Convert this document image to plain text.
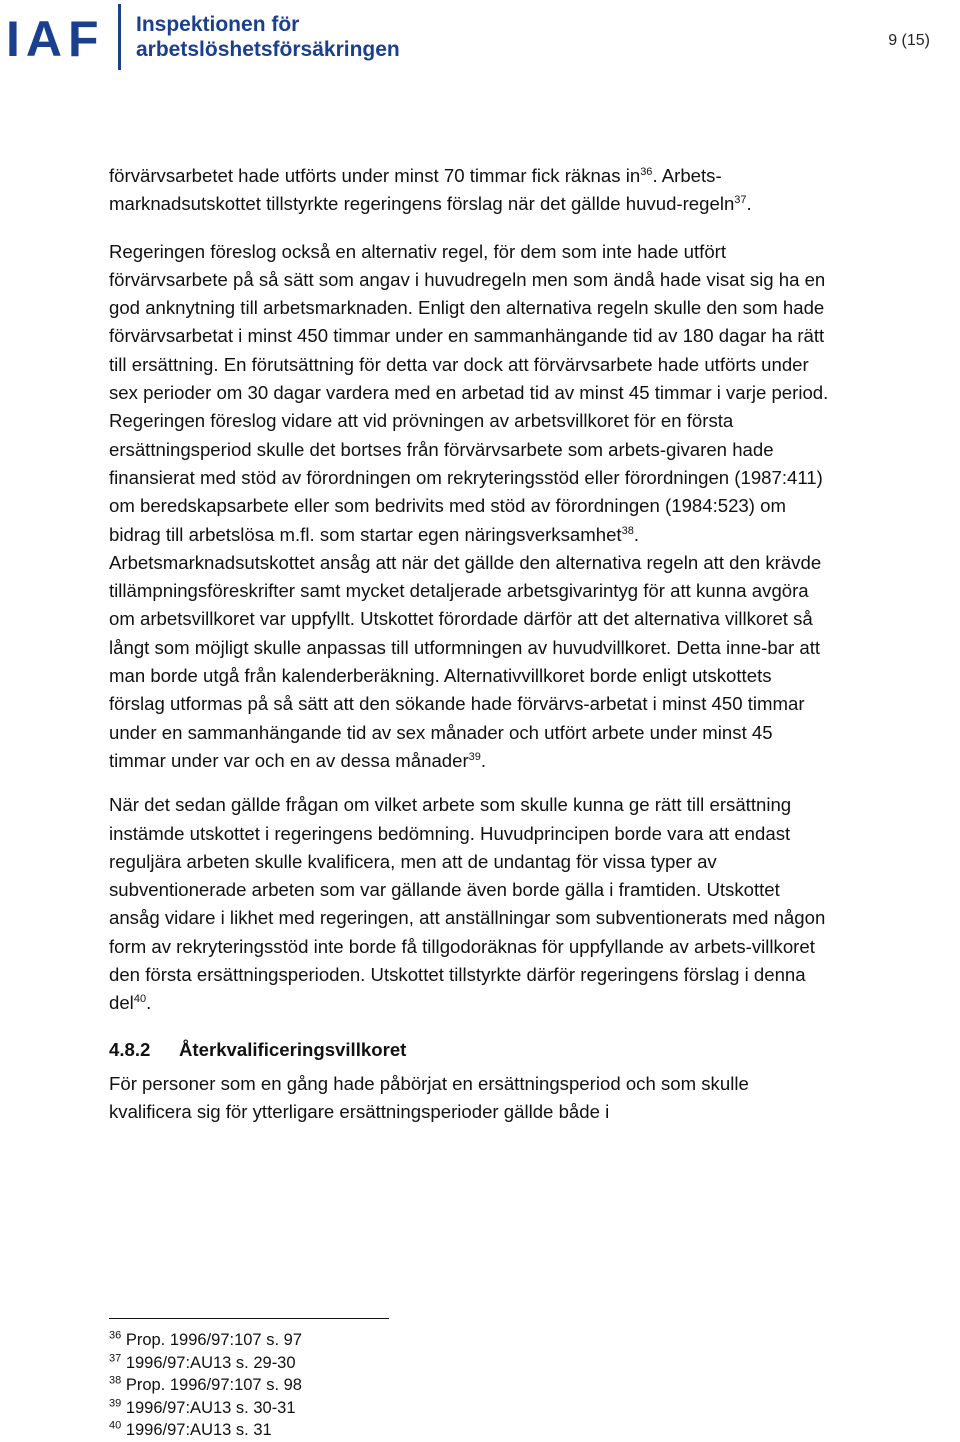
IAF Inspektionen för
arbetslöshetsförsäkringen	9 (15)

förvärvsarbetet hade utförts under minst 70 timmar fick räknas $in^{36}$. Arbets-marknadsutskottet tillstyrkte regeringens förslag när det gällde huvud-regeln$^{37}$.

Regeringen föreslog också en alternativ regel, för dem som inte hade utfört förvärvsarbete på så sätt som angav i huvudregeln men som ändå hade visat sig ha en god anknytning till arbetsmarknaden. Enligt den alternativa regeln skulle den som hade förvärvsarbetat i minst 450 timmar under en sammanhängande tid av 180 dagar ha rätt till ersättning. En förutsättning för detta var dock att förvärvsarbete hade utförts under sex perioder om 30 dagar vardera med en arbetad tid av minst 45 timmar i varje period. Regeringen föreslog vidare att vid prövningen av arbetsvillkoret för en första ersättningsperiod skulle det bortses från förvärvsarbete som arbets-givaren hade finansierat med stöd av förordningen om rekryteringsstöd eller förordningen (1987:411) om beredskapsarbete eller som bedrivits med stöd av förordningen (1984:523) om bidrag till arbetslösa m.fl. som startar egen näringsverksamhet$^{38}$. Arbetsmarknadsutskottet ansåg att när det gällde den alternativa regeln att den krävde tillämpningsföreskrifter samt mycket detaljerade arbetsgivarintyg för att kunna avgöra om arbetsvillkoret var uppfyllt. Utskottet förordade därför att det alternativa villkoret så långt som möjligt skulle anpassas till utformningen av huvudvillkoret. Detta inne-bar att man borde utgå från kalenderberäkning. Alternativvillkoret borde enligt utskottets förslag utformas på så sätt att den sökande hade förvärvs-arbetat i minst 450 timmar under en sammanhängande tid av sex månader och utfört arbete under minst 45 timmar under var och en av dessa månader$^{39}$.

När det sedan gällde frågan om vilket arbete som skulle kunna ge rätt till ersättning instämde utskottet i regeringens bedömning. Huvudprincipen borde vara att endast reguljära arbeten skulle kvalificera, men att de undantag för vissa typer av subventionerade arbeten som var gällande även borde gälla i framtiden. Utskottet ansåg vidare i likhet med regeringen, att anställningar som subventionerats med någon form av rekryteringsstöd inte borde få tillgodoräknas för uppfyllande av arbets-villkoret den första ersättningsperioden. Utskottet tillstyrkte därför regeringens förslag i denna del$^{40}$.

4.8.2 Återkvalificeringsvillkoret

För personer som en gång hade påbörjat en ersättningsperiod och som skulle kvalificera sig för ytterligare ersättningsperioder gällde både i

$^{36}$ Prop. 1996/97:107 s. 97
$^{37}$ 1996/97:AU13 s. 29-30
$^{38}$ Prop. 1996/97:107 s. 98
$^{39}$ 1996/97:AU13 s. 30-31
$^{40}$ 1996/97:AU13 s. 31
